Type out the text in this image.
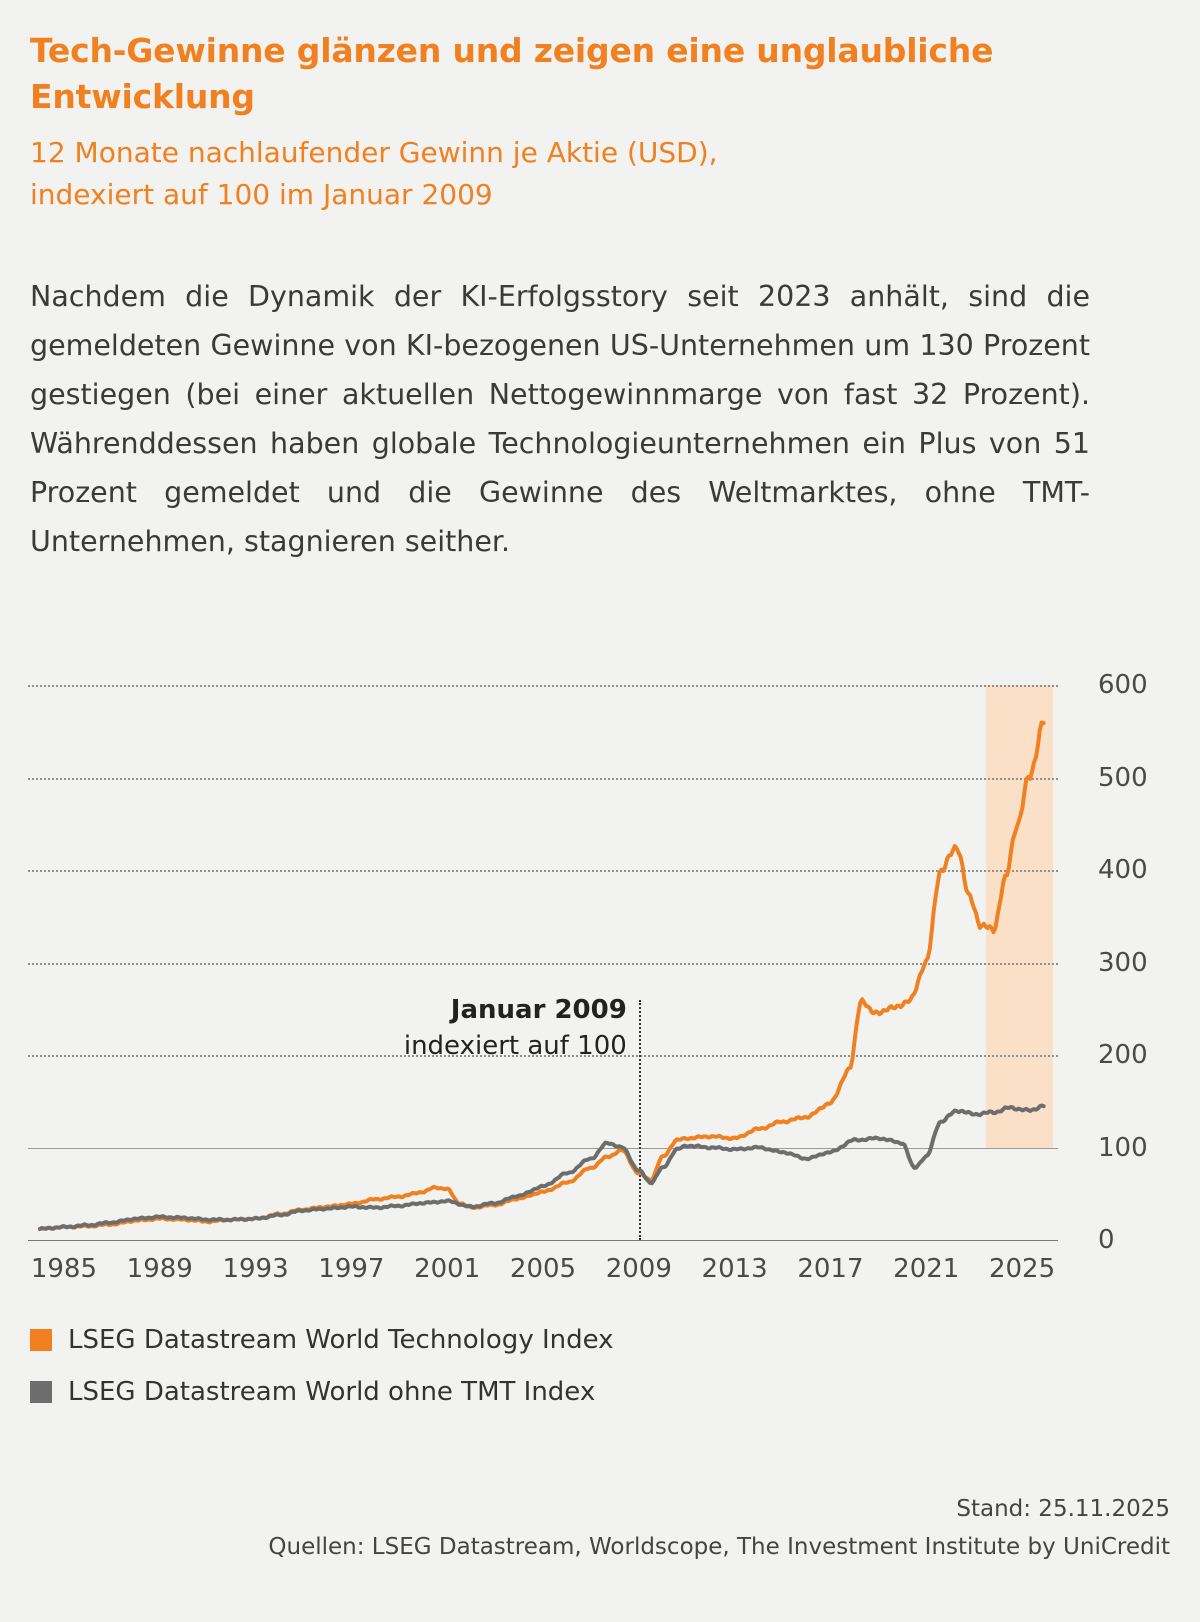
Tech-Gewinne glänzen und zeigen eine unglaubliche Entwicklung
12 Monate nachlaufender Gewinn je Aktie (USD),
indexiert auf 100 im Januar 2009
Nachdem die Dynamik der KI-Erfolgsstory seit 2023 anhält, sind die gemeldeten Gewinne von KI-bezogenen US-Unternehmen um 130 Prozent gestiegen (bei einer aktuellen Nettogewinnmarge von fast 32 Prozent). Währenddessen haben globale Technologieunternehmen ein Plus von 51 Prozent gemeldet und die Gewinne des Weltmarktes, ohne TMT-Unternehmen, stagnieren seither.
0
100
200
300
400
500
600
1985 1989 1993 1997 2001 2005 2009 2013 2017 2021 2025
Januar 2009
indexiert auf 100
LSEG Datastream World Technology Index
LSEG Datastream World ohne TMT Index
Stand: 25.11.2025
Quellen: LSEG Datastream, Worldscope, The Investment Institute by UniCredit
